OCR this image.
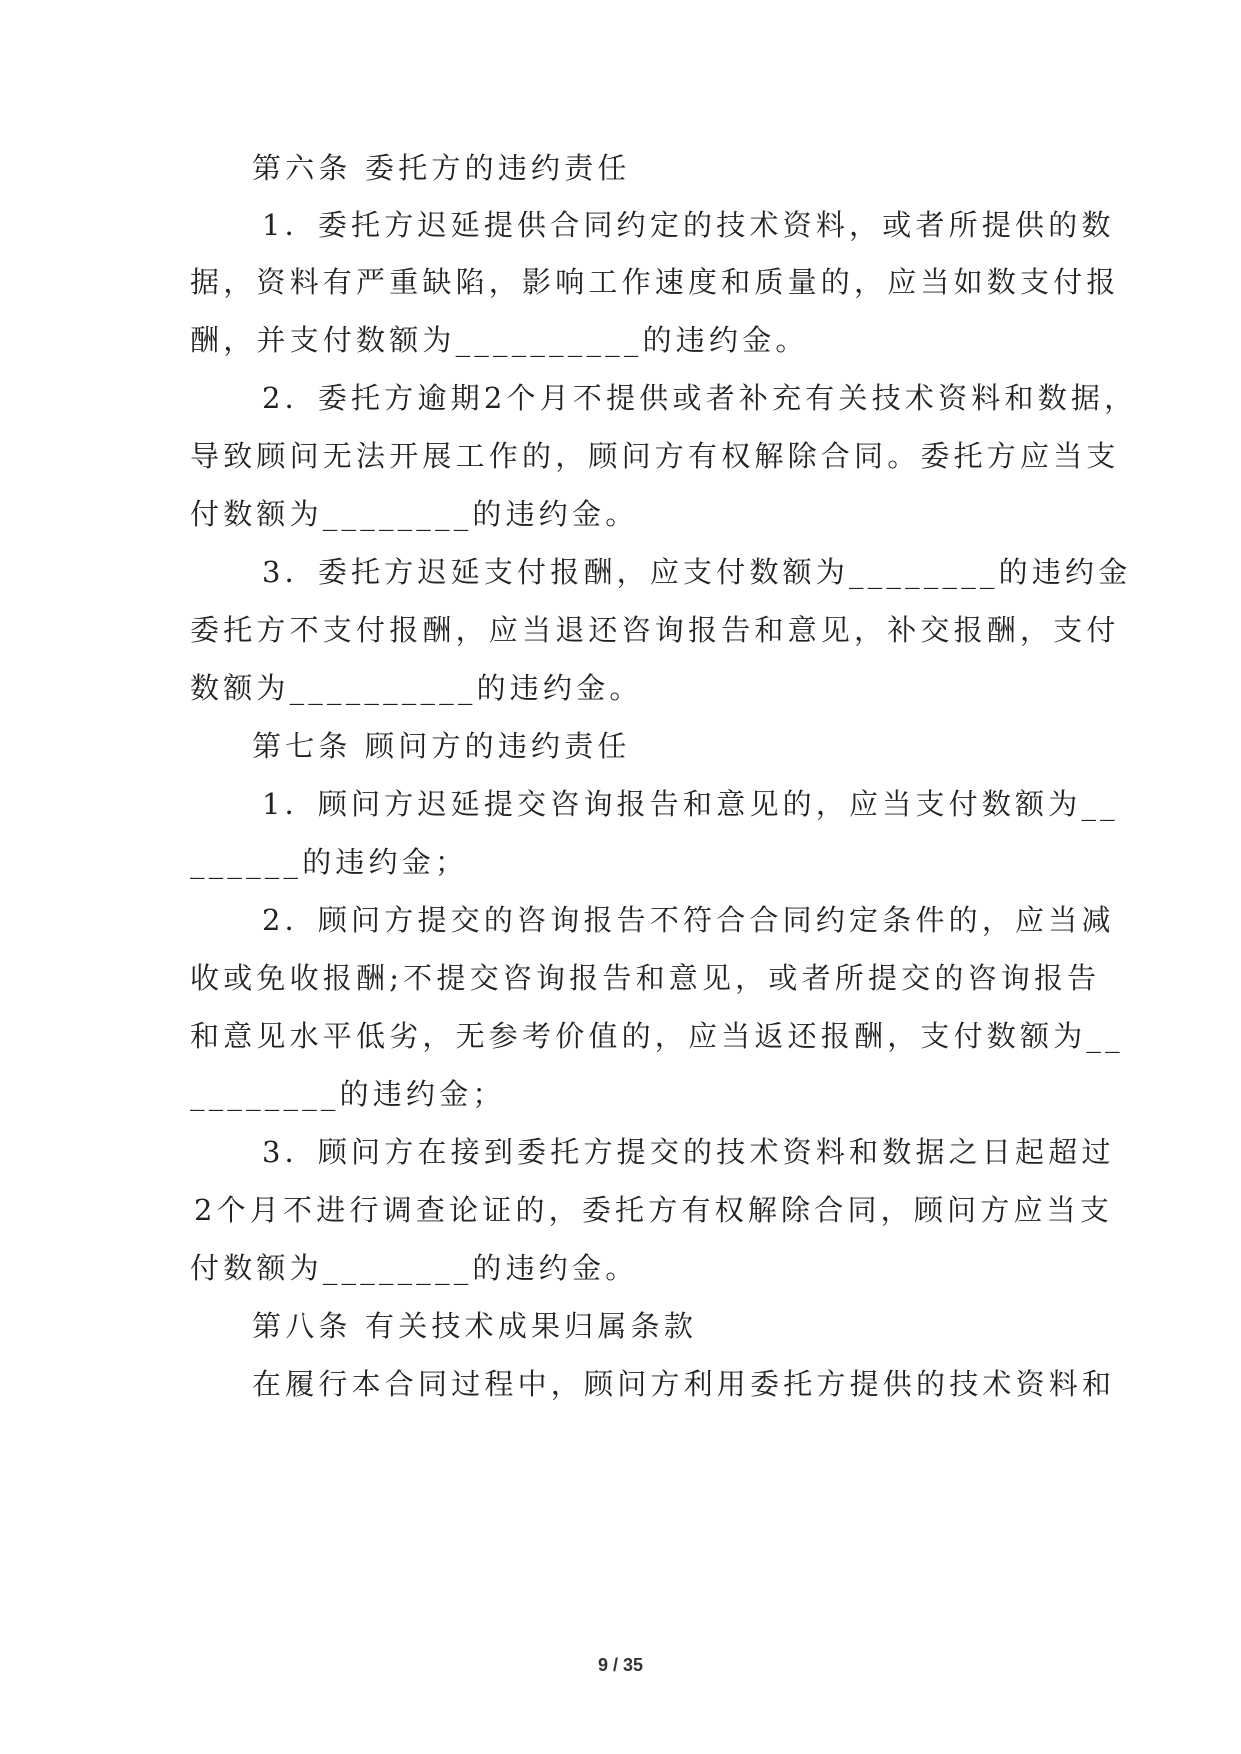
第六条 委托方的违约责任
1．委托方迟延提供合同约定的技术资料，或者所提供的数
据，资料有严重缺陷，影响工作速度和质量的，应当如数支付报
酬，并支付数额为__________的违约金。
2．委托方逾期2个月不提供或者补充有关技术资料和数据，
导致顾问无法开展工作的，顾问方有权解除合同。委托方应当支
付数额为________的违约金。
3．委托方迟延支付报酬，应支付数额为________的违约金
委托方不支付报酬，应当退还咨询报告和意见，补交报酬，支付
数额为__________的违约金。
第七条 顾问方的违约责任
1．顾问方迟延提交咨询报告和意见的，应当支付数额为__
______的违约金；
2．顾问方提交的咨询报告不符合合同约定条件的，应当减
收或免收报酬;不提交咨询报告和意见，或者所提交的咨询报告
和意见水平低劣，无参考价值的，应当返还报酬，支付数额为__
________的违约金；
3．顾问方在接到委托方提交的技术资料和数据之日起超过
2个月不进行调查论证的，委托方有权解除合同，顾问方应当支
付数额为________的违约金。
第八条 有关技术成果归属条款
在履行本合同过程中，顾问方利用委托方提供的技术资料和
9 / 35
